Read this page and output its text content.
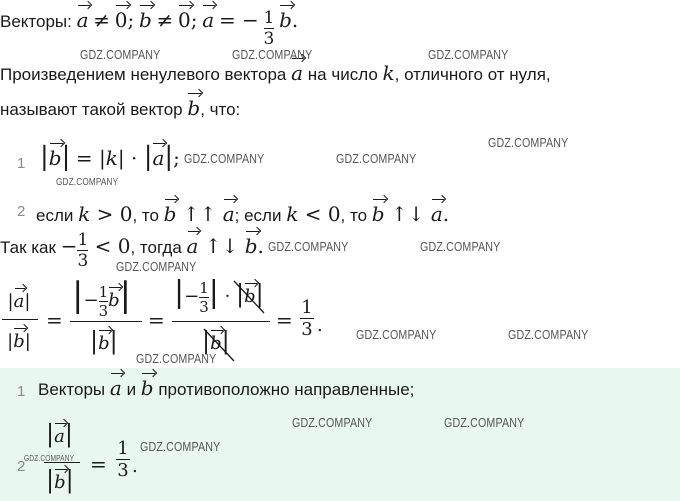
Векторы: a ≠ 0; b ≠ 0; a = − $\frac{1}{3} b$.
Произведением ненулевого вектора a на число k, отличного от нуля,
называют такой вектор b, что:
1 |b| = |k| · |a|;
2 если k > 0, то b ↑↑ a; если k < 0, то b ↑↓ a.
Так как − $\frac{1}{3} < 0$, тогда a ↑↓ b.
|a|
|b|
=
|− $\frac{1}{3} b|$
|b|
=
|− $\frac{1}{3}$ | · |b|
|b|
=
1
3 .
1 Векторы a и b противоположно направленные;
2
|a|
|b|
=
1
3 .
GDZ.COMPANY	GDZ.COMPANY	GDZ.COMPANY
GDZ.COMPANY
GDZ.COMPANY	GDZ.COMPANY
GDZ.COMPANY
GDZ.COMPANY	GDZ.COMPANY
GDZ.COMPANY
GDZ.COMPANY	GDZ.COMPANY
GDZ.COMPANY
GDZ.COMPANY	GDZ.COMPANY
GDZ.COMPANY
GDZ.COMPANY
